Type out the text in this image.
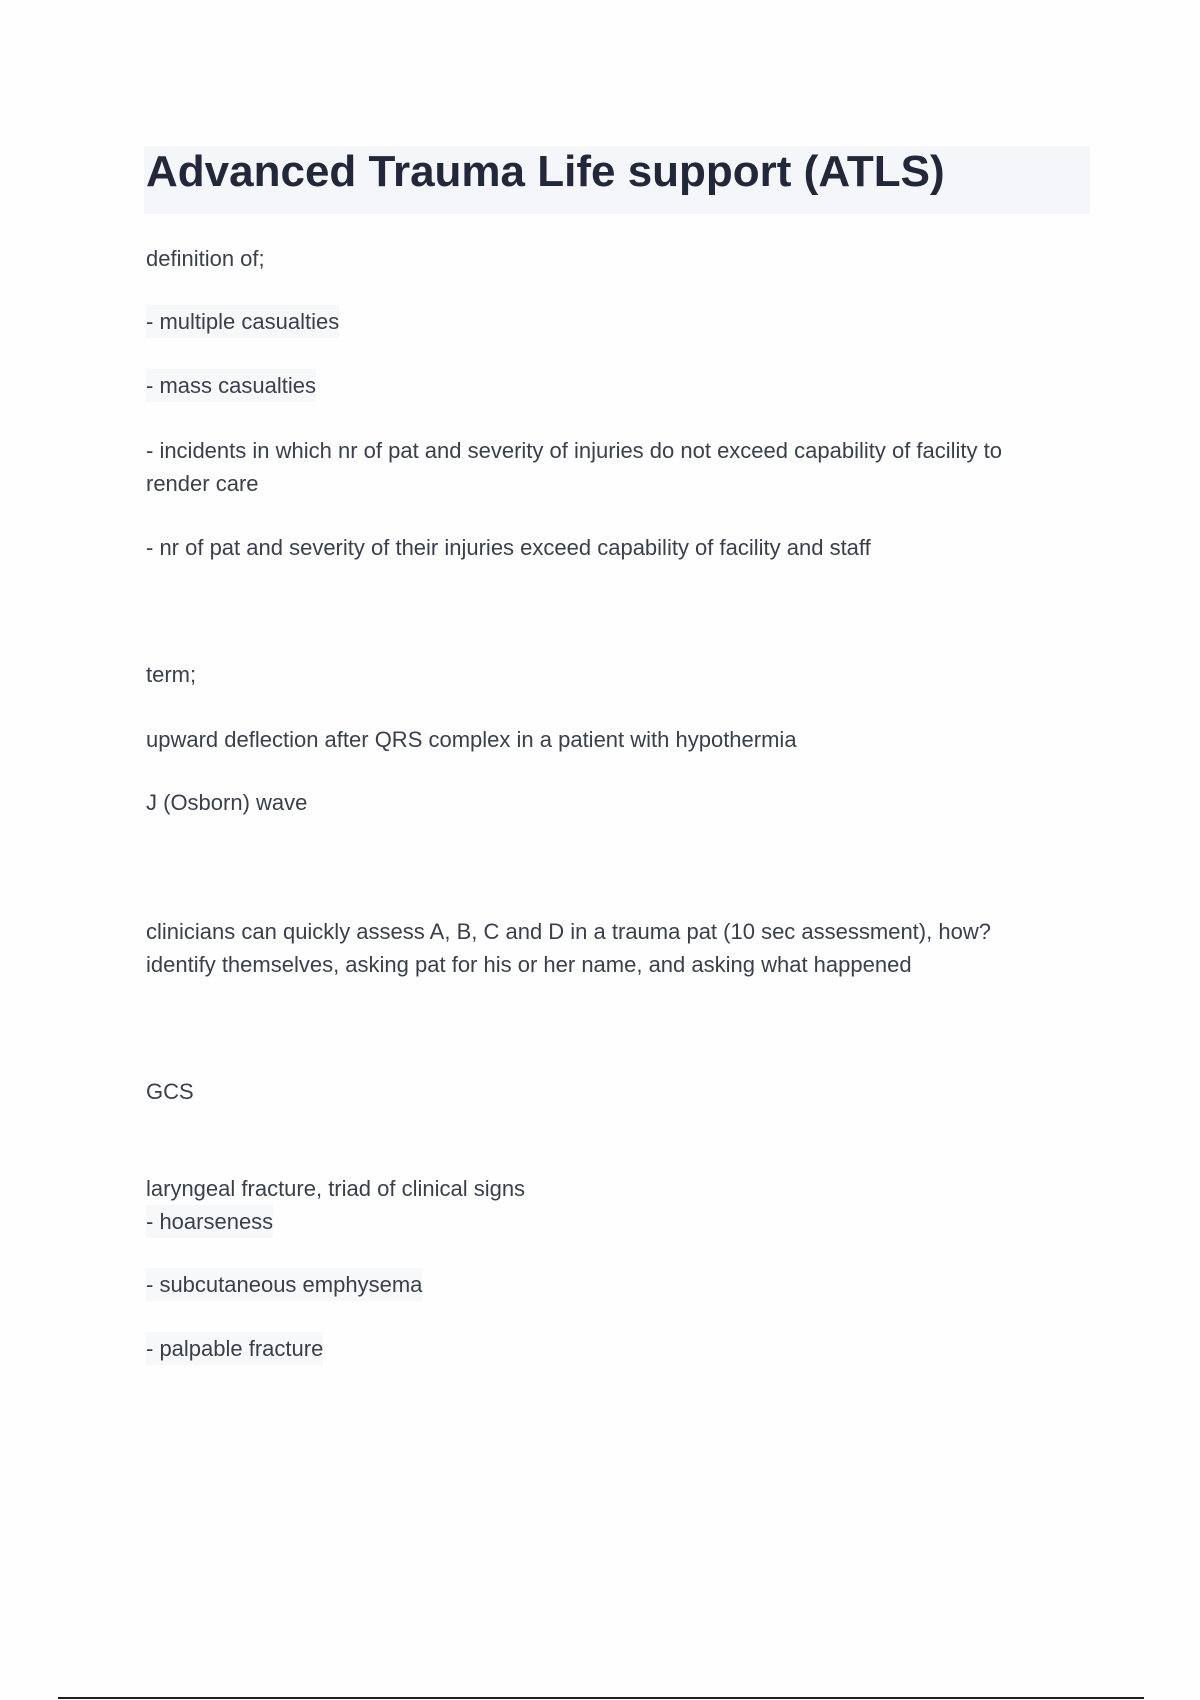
Advanced Trauma Life support (ATLS)
definition of;
- multiple casualties
- mass casualties
- incidents in which nr of pat and severity of injuries do not exceed capability of facility to
render care
- nr of pat and severity of their injuries exceed capability of facility and staff
term;
upward deflection after QRS complex in a patient with hypothermia
J (Osborn) wave
clinicians can quickly assess A, B, C and D in a trauma pat (10 sec assessment), how?
identify themselves, asking pat for his or her name, and asking what happened
GCS
laryngeal fracture, triad of clinical signs
- hoarseness
- subcutaneous emphysema
- palpable fracture
